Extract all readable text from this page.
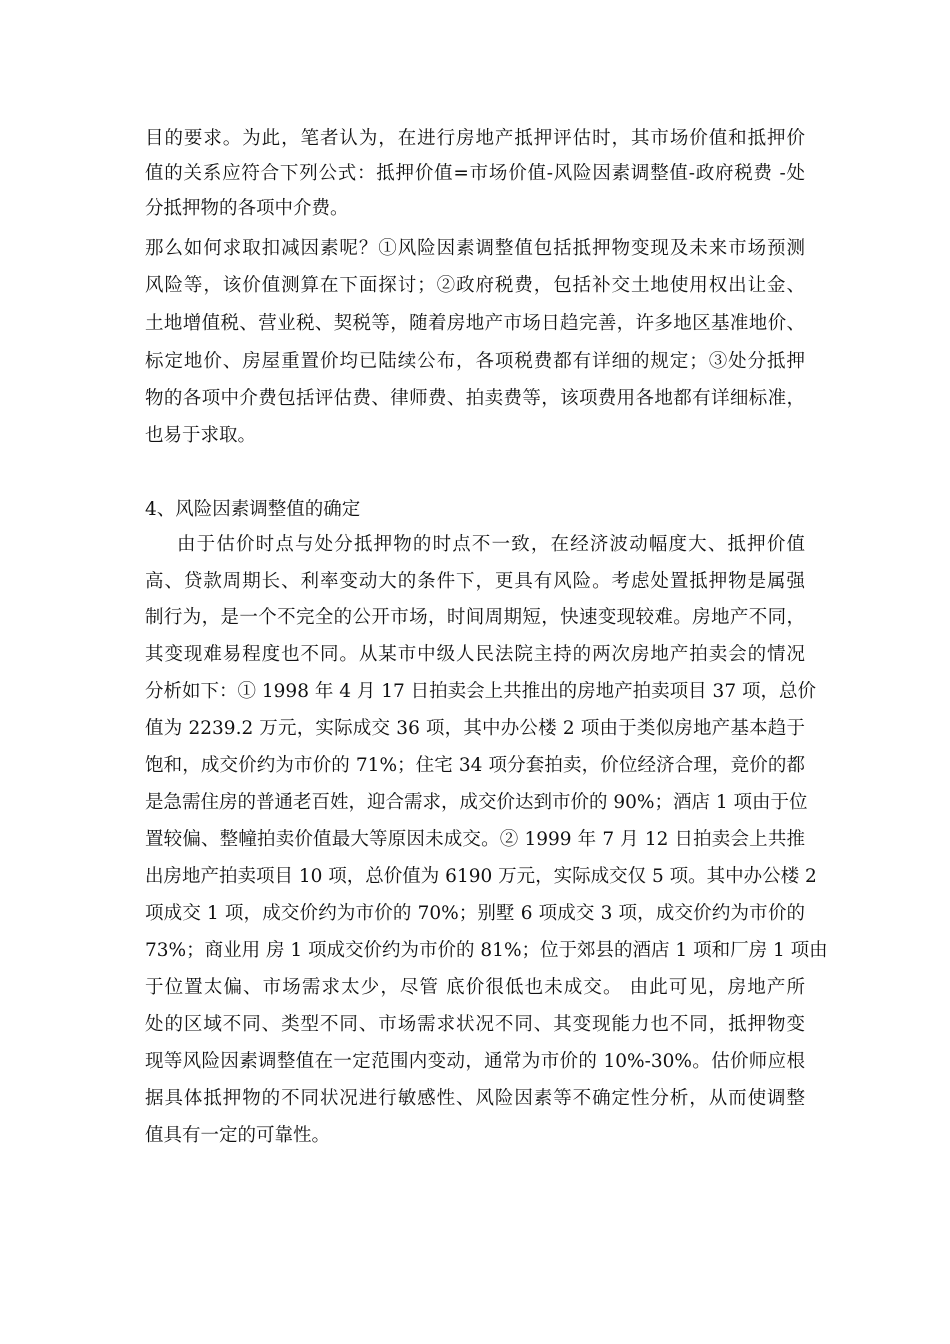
目的要求。为此，笔者认为，在进行房地产抵押评估时，其市场价值和抵押价
值的关系应符合下列公式：抵押价值=市场价值-风险因素调整值-政府税费 -处
分抵押物的各项中介费。
那么如何求取扣减因素呢？①风险因素调整值包括抵押物变现及未来市场预测
风险等，该价值测算在下面探讨；②政府税费，包括补交土地使用权出让金、
土地增值税、营业税、契税等，随着房地产市场日趋完善，许多地区基准地价、
标定地价、房屋重置价均已陆续公布，各项税费都有详细的规定；③处分抵押
物的各项中介费包括评估费、律师费、拍卖费等，该项费用各地都有详细标准，
也易于求取。
4、风险因素调整值的确定
由于估价时点与处分抵押物的时点不一致，在经济波动幅度大、抵押价值
高、贷款周期长、利率变动大的条件下，更具有风险。考虑处置抵押物是属强
制行为，是一个不完全的公开市场，时间周期短，快速变现较难。房地产不同，
其变现难易程度也不同。从某市中级人民法院主持的两次房地产拍卖会的情况
分析如下：① 1998 年 4 月 17 日拍卖会上共推出的房地产拍卖项目 37 项，总价
值为 2239.2 万元，实际成交 36 项，其中办公楼 2 项由于类似房地产基本趋于
饱和，成交价约为市价的 71%；住宅 34 项分套拍卖，价位经济合理，竞价的都
是急需住房的普通老百姓，迎合需求，成交价达到市价的 90%；酒店 1 项由于位
置较偏、整幢拍卖价值最大等原因未成交。② 1999 年 7 月 12 日拍卖会上共推
出房地产拍卖项目 10 项，总价值为 6190 万元，实际成交仅 5 项。其中办公楼 2
项成交 1 项，成交价约为市价的 70%；别墅 6 项成交 3 项，成交价约为市价的
73%；商业用 房 1 项成交价约为市价的 81%；位于郊县的酒店 1 项和厂房 1 项由
于位置太偏、市场需求太少，尽管 底价很低也未成交。 由此可见，房地产所
处的区域不同、类型不同、市场需求状况不同、其变现能力也不同，抵押物变
现等风险因素调整值在一定范围内变动，通常为市价的 10%-30%。估价师应根
据具体抵押物的不同状况进行敏感性、风险因素等不确定性分析，从而使调整
值具有一定的可靠性。
